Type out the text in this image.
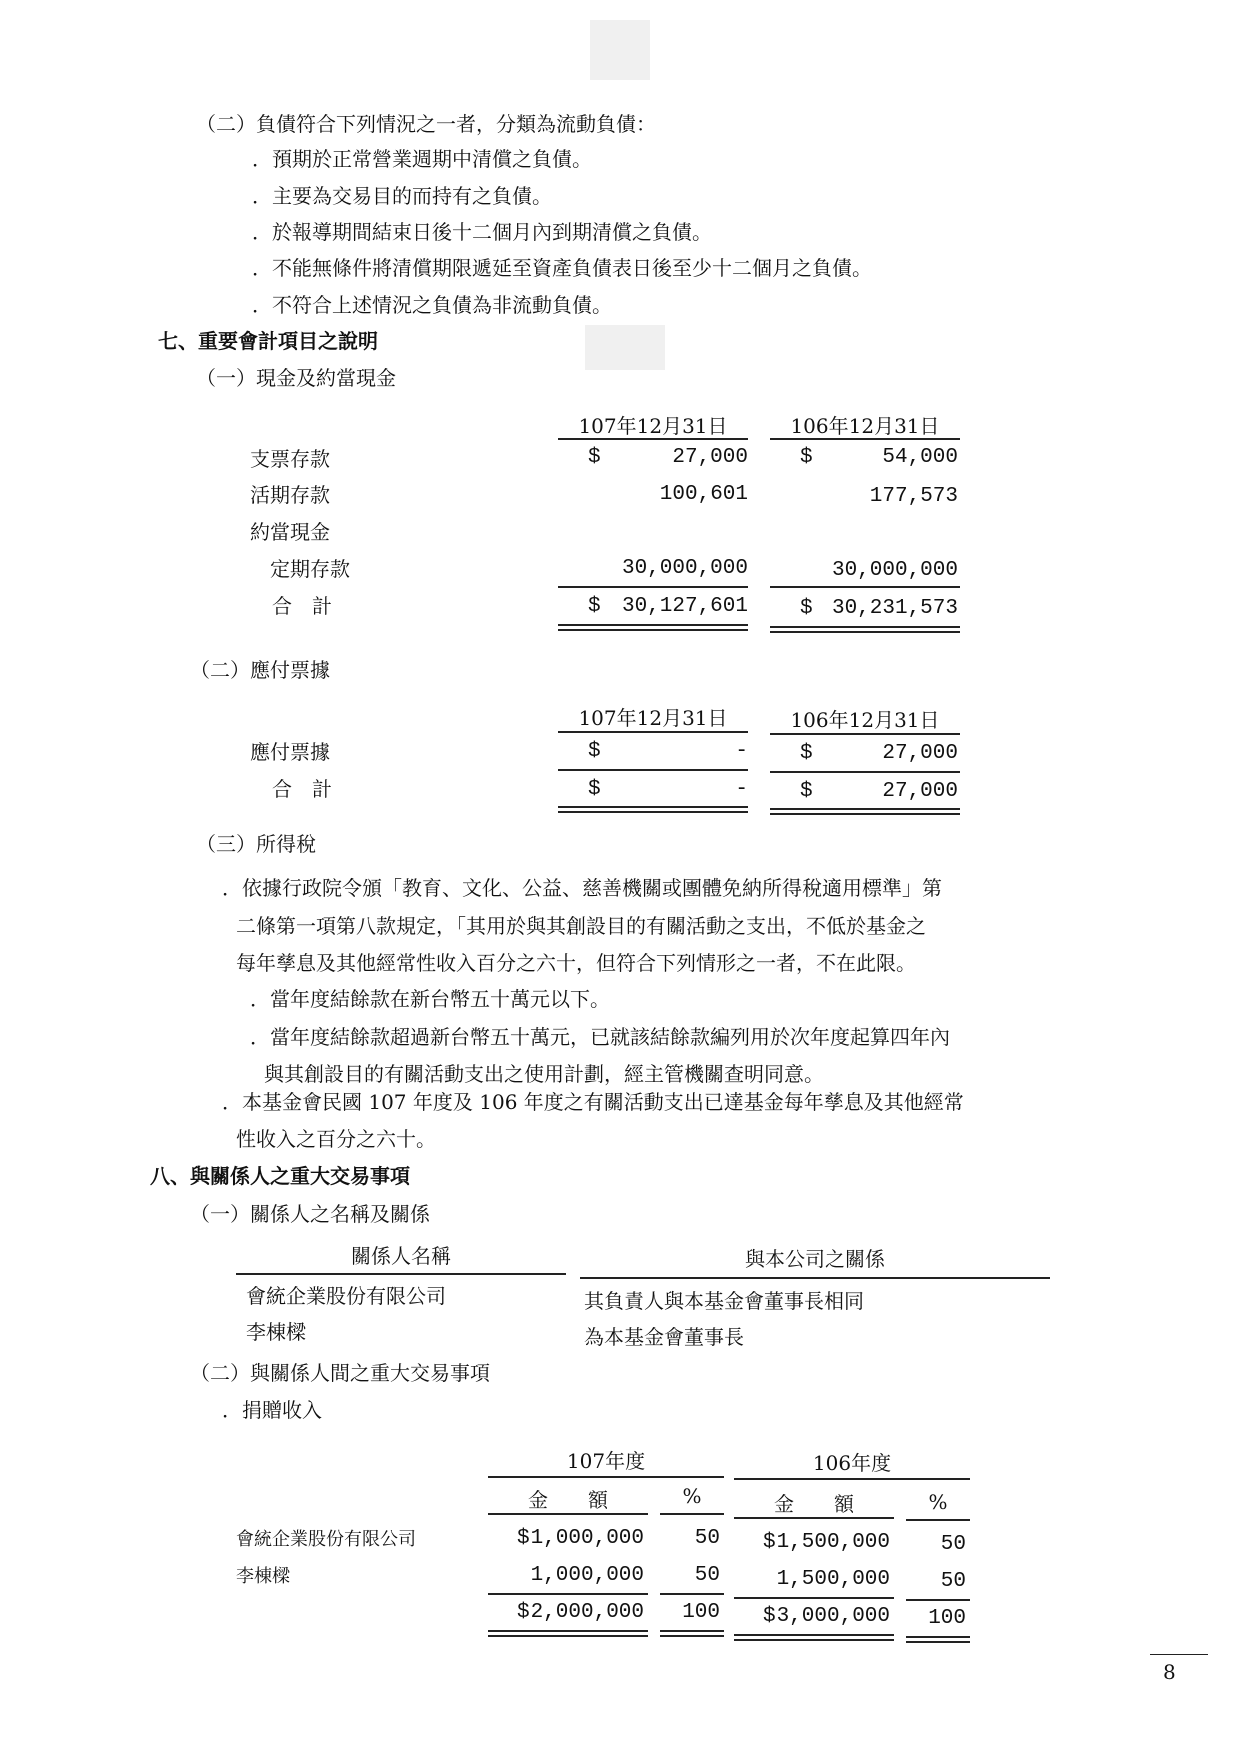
（二）負債符合下列情況之一者，分類為流動負債：
．預期於正常營業週期中清償之負債。
．主要為交易目的而持有之負債。
．於報導期間結束日後十二個月內到期清償之負債。
．不能無條件將清償期限遞延至資產負債表日後至少十二個月之負債。
．不符合上述情況之負債為非流動負債。
七、重要會計項目之說明
（一）現金及約當現金
107年12月31日	106年12月31日
支票存款	$	27,000 $	54,000
活期存款	100,601	177,573
約當現金
定期存款	30,000,000	30,000,000
合　計	$	30,127,601 $ 30,231,573
（二）應付票據
107年12月31日	106年12月31日
應付票據	$	- $	27,000
合　計	$	- $	27,000
（三）所得稅
．依據行政院令頒「教育、文化、公益、慈善機關或團體免納所得稅適用標準」第
二條第一項第八款規定，「其用於與其創設目的有關活動之支出，不低於基金之
每年孳息及其他經常性收入百分之六十，但符合下列情形之一者，不在此限。
．當年度結餘款在新台幣五十萬元以下。
．當年度結餘款超過新台幣五十萬元，已就該結餘款編列用於次年度起算四年內
與其創設目的有關活動支出之使用計劃，經主管機關查明同意。
．本基金會民國 107 年度及 106 年度之有關活動支出已達基金每年孳息及其他經常
性收入之百分之六十。
八、與關係人之重大交易事項
（一）關係人之名稱及關係
關係人名稱	與本公司之關係
會統企業股份有限公司	其負責人與本基金會董事長相同
李棟樑	為本基金會董事長
（二）與關係人間之重大交易事項
．捐贈收入
107年度	106年度
金　　額	%	金　　額	%
會統企業股份有限公司	$ 1,000,000	50 $ 1,500,000	50
李棟樑	1,000,000	50	1,500,000	50
$ 2,000,000	100 $ 3,000,000	100
8
